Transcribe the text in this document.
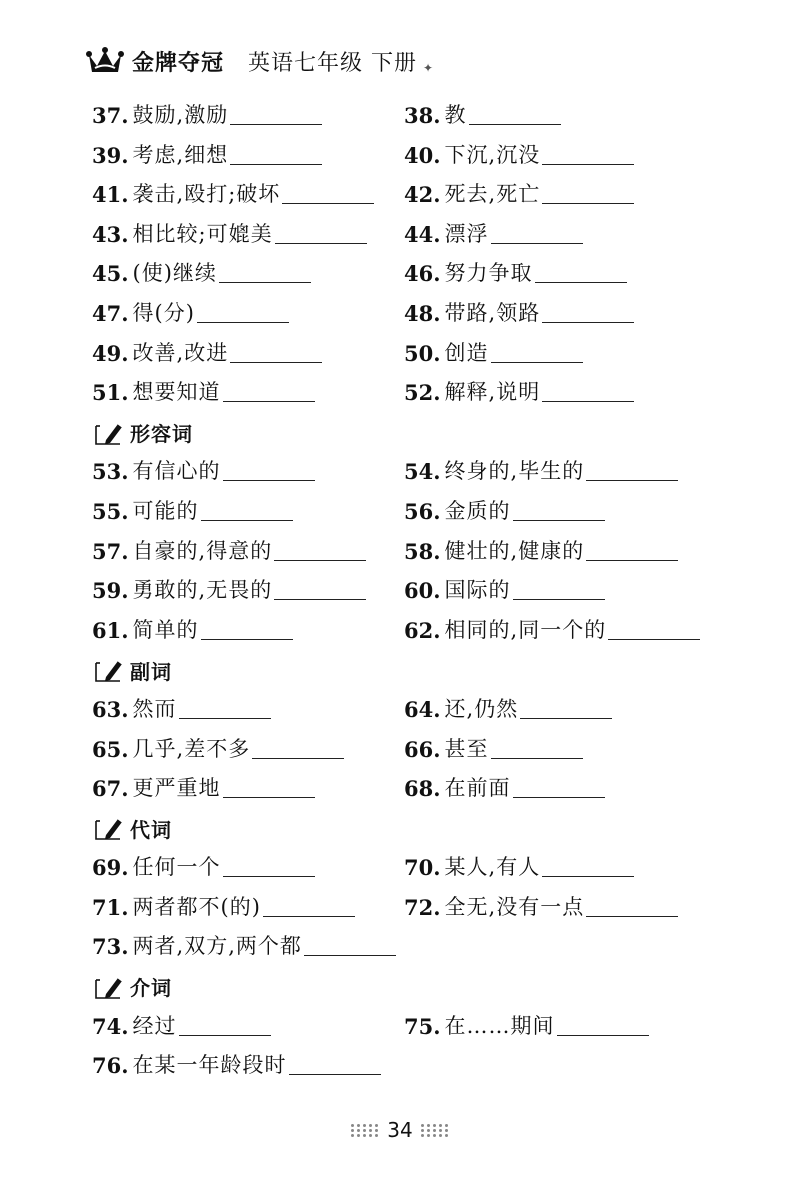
金牌夺冠 英语七年级 下册 ✦
37 . 鼓励,激励	38 . 教
39 . 考虑,细想	40 . 下沉,沉没
41 . 袭击,殴打;破坏	42 . 死去,死亡
43 . 相比较;可媲美	44 . 漂浮
45 . (使)继续	46 . 努力争取
47 . 得(分)	48 . 带路,领路
49 . 改善,改进	50 . 创造
51 . 想要知道	52 . 解释,说明
形容词
53 . 有信心的	54 . 终身的,毕生的
55 . 可能的	56 . 金质的
57 . 自豪的,得意的	58 . 健壮的,健康的
59 . 勇敢的,无畏的	60 . 国际的
61 . 简单的	62 . 相同的,同一个的
副词
63 . 然而	64 . 还,仍然
65 . 几乎,差不多	66 . 甚至
67 . 更严重地	68 . 在前面
代词
69 . 任何一个	70 . 某人,有人
71 . 两者都不(的)	72 . 全无,没有一点
73 . 两者,双方,两个都
介词
74 . 经过	75 . 在……期间
76 . 在某一年龄段时
34
